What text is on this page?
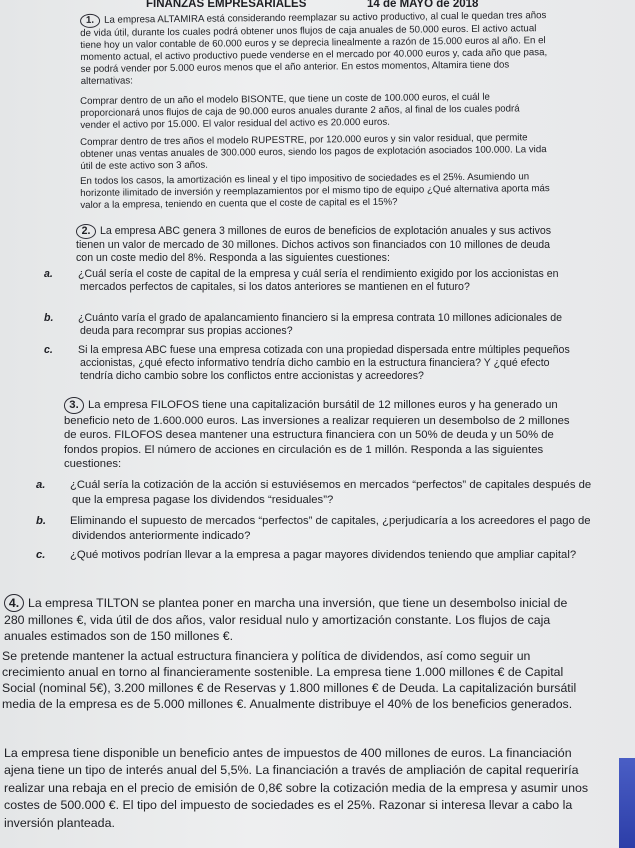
FINANZAS EMPRESARIALES	14 de MAYO de 2018

1. La empresa ALTAMIRA está considerando reemplazar su activo productivo, al cual le quedan tres años de vida útil, durante los cuales podrá obtener unos flujos de caja anuales de 50.000 euros. El activo actual tiene hoy un valor contable de 60.000 euros y se deprecia linealmente a razón de 15.000 euros al año. En el momento actual, el activo productivo puede venderse en el mercado por 40.000 euros y, cada año que pasa, se podrá vender por 5.000 euros menos que el año anterior. En estos momentos, Altamira tiene dos alternativas:

Comprar dentro de un año el modelo BISONTE, que tiene un coste de 100.000 euros, el cuál le proporcionará unos flujos de caja de 90.000 euros anuales durante 2 años, al final de los cuales podrá vender el activo por 15.000. El valor residual del activo es 20.000 euros.

Comprar dentro de tres años el modelo RUPESTRE, por 120.000 euros y sin valor residual, que permite obtener unas ventas anuales de 300.000 euros, siendo los pagos de explotación asociados 100.000. La vida útil de este activo son 3 años.

En todos los casos, la amortización es lineal y el tipo impositivo de sociedades es el 25%. Asumiendo un horizonte ilimitado de inversión y reemplazamientos por el mismo tipo de equipo ¿Qué alternativa aporta más valor a la empresa, teniendo en cuenta que el coste de capital es el 15%?

2. La empresa ABC genera 3 millones de euros de beneficios de explotación anuales y sus activos tienen un valor de mercado de 30 millones. Dichos activos son financiados con 10 millones de deuda con un coste medio del 8%. Responda a las siguientes cuestiones:

a. ¿Cuál sería el coste de capital de la empresa y cuál sería el rendimiento exigido por los accionistas en mercados perfectos de capitales, si los datos anteriores se mantienen en el futuro?

b. ¿Cuánto varía el grado de apalancamiento financiero si la empresa contrata 10 millones adicionales de deuda para recomprar sus propias acciones?

c. Si la empresa ABC fuese una empresa cotizada con una propiedad dispersada entre múltiples pequeños accionistas, ¿qué efecto informativo tendría dicho cambio en la estructura financiera? Y ¿qué efecto tendría dicho cambio sobre los conflictos entre accionistas y acreedores?

3. La empresa FILOFOS tiene una capitalización bursátil de 12 millones euros y ha generado un beneficio neto de 1.600.000 euros. Las inversiones a realizar requieren un desembolso de 2 millones de euros. FILOFOS desea mantener una estructura financiera con un 50% de deuda y un 50% de fondos propios. El número de acciones en circulación es de 1 millón. Responda a las siguientes cuestiones:

a. ¿Cuál sería la cotización de la acción si estuviésemos en mercados “perfectos” de capitales después de que la empresa pagase los dividendos “residuales”?

b. Eliminando el supuesto de mercados “perfectos” de capitales, ¿perjudicaría a los acreedores el pago de dividendos anteriormente indicado?

c. ¿Qué motivos podrían llevar a la empresa a pagar mayores dividendos teniendo que ampliar capital?

4. La empresa TILTON se plantea poner en marcha una inversión, que tiene un desembolso inicial de 280 millones €, vida útil de dos años, valor residual nulo y amortización constante. Los flujos de caja anuales estimados son de 150 millones €.

Se pretende mantener la actual estructura financiera y política de dividendos, así como seguir un crecimiento anual en torno al financieramente sostenible. La empresa tiene 1.000 millones € de Capital Social (nominal 5€), 3.200 millones € de Reservas y 1.800 millones € de Deuda. La capitalización bursátil media de la empresa es de 5.000 millones €. Anualmente distribuye el 40% de los beneficios generados.

La empresa tiene disponible un beneficio antes de impuestos de 400 millones de euros. La financiación ajena tiene un tipo de interés anual del 5,5%. La financiación a través de ampliación de capital requeriría realizar una rebaja en el precio de emisión de 0,8€ sobre la cotización media de la empresa y asumir unos costes de 500.000 €. El tipo del impuesto de sociedades es el 25%. Razonar si interesa llevar a cabo la inversión planteada.
